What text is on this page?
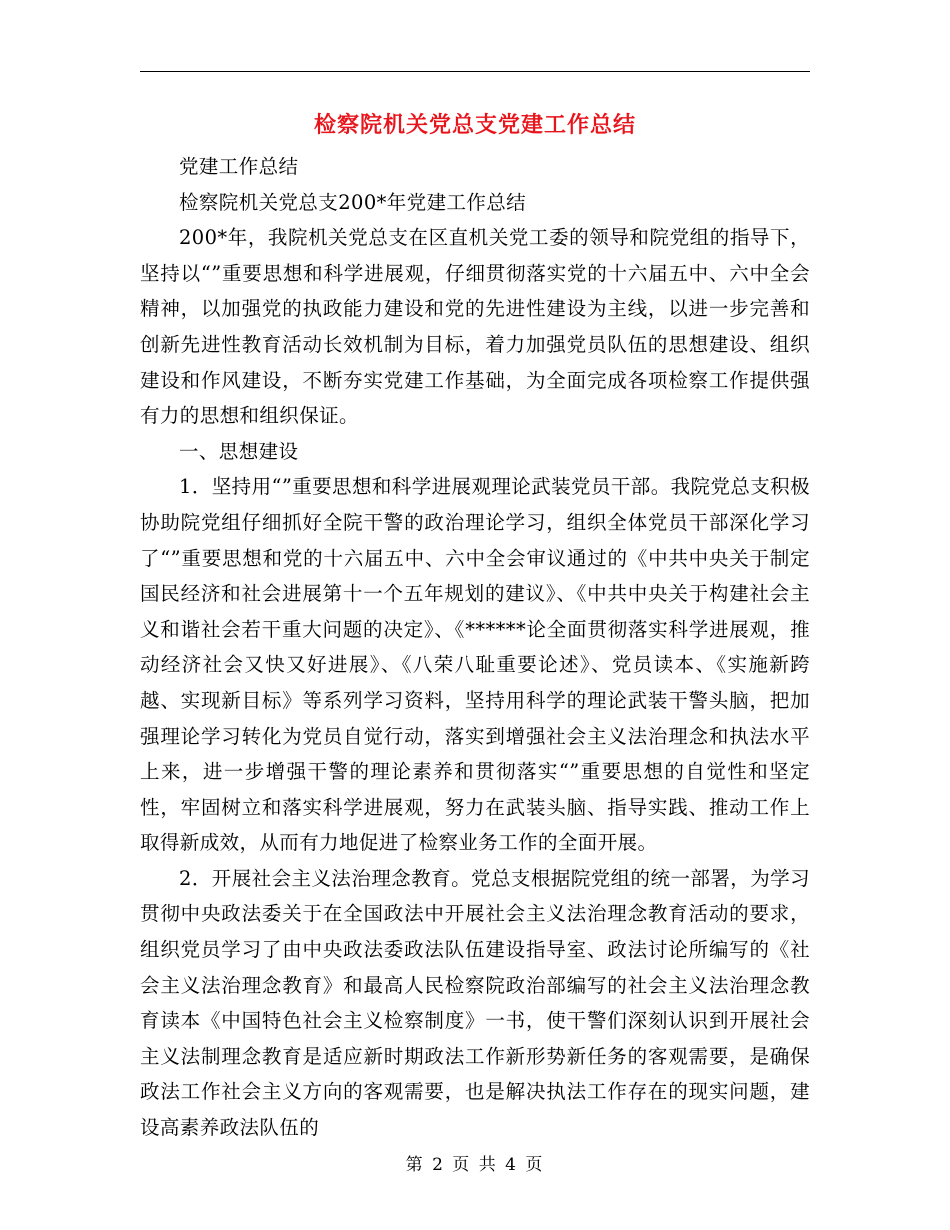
检察院机关党总支党建工作总结

党建工作总结

检察院机关党总支200*年党建工作总结

200*年，我院机关党总支在区直机关党工委的领导和院党组的指导下，坚持以“”重要思想和科学进展观，仔细贯彻落实党的十六届五中、六中全会精神，以加强党的执政能力建设和党的先进性建设为主线，以进一步完善和创新先进性教育活动长效机制为目标，着力加强党员队伍的思想建设、组织建设和作风建设，不断夯实党建工作基础，为全面完成各项检察工作提供强有力的思想和组织保证。

一、思想建设

1．坚持用“”重要思想和科学进展观理论武装党员干部。我院党总支积极协助院党组仔细抓好全院干警的政治理论学习，组织全体党员干部深化学习了“”重要思想和党的十六届五中、六中全会审议通过的《中共中央关于制定国民经济和社会进展第十一个五年规划的建议》、《中共中央关于构建社会主义和谐社会若干重大问题的决定》、《******论全面贯彻落实科学进展观，推动经济社会又快又好进展》、《八荣八耻重要论述》、党员读本、《实施新跨越、实现新目标》等系列学习资料，坚持用科学的理论武装干警头脑，把加强理论学习转化为党员自觉行动，落实到增强社会主义法治理念和执法水平上来，进一步增强干警的理论素养和贯彻落实“”重要思想的自觉性和坚定性，牢固树立和落实科学进展观，努力在武装头脑、指导实践、推动工作上取得新成效，从而有力地促进了检察业务工作的全面开展。

2．开展社会主义法治理念教育。党总支根据院党组的统一部署，为学习贯彻中央政法委关于在全国政法中开展社会主义法治理念教育活动的要求，组织党员学习了由中央政法委政法队伍建设指导室、政法讨论所编写的《社会主义法治理念教育》和最高人民检察院政治部编写的社会主义法治理念教育读本《中国特色社会主义检察制度》一书，使干警们深刻认识到开展社会主义法制理念教育是适应新时期政法工作新形势新任务的客观需要，是确保政法工作社会主义方向的客观需要，也是解决执法工作存在的现实问题，建设高素养政法队伍的

第 2 页 共 4 页
